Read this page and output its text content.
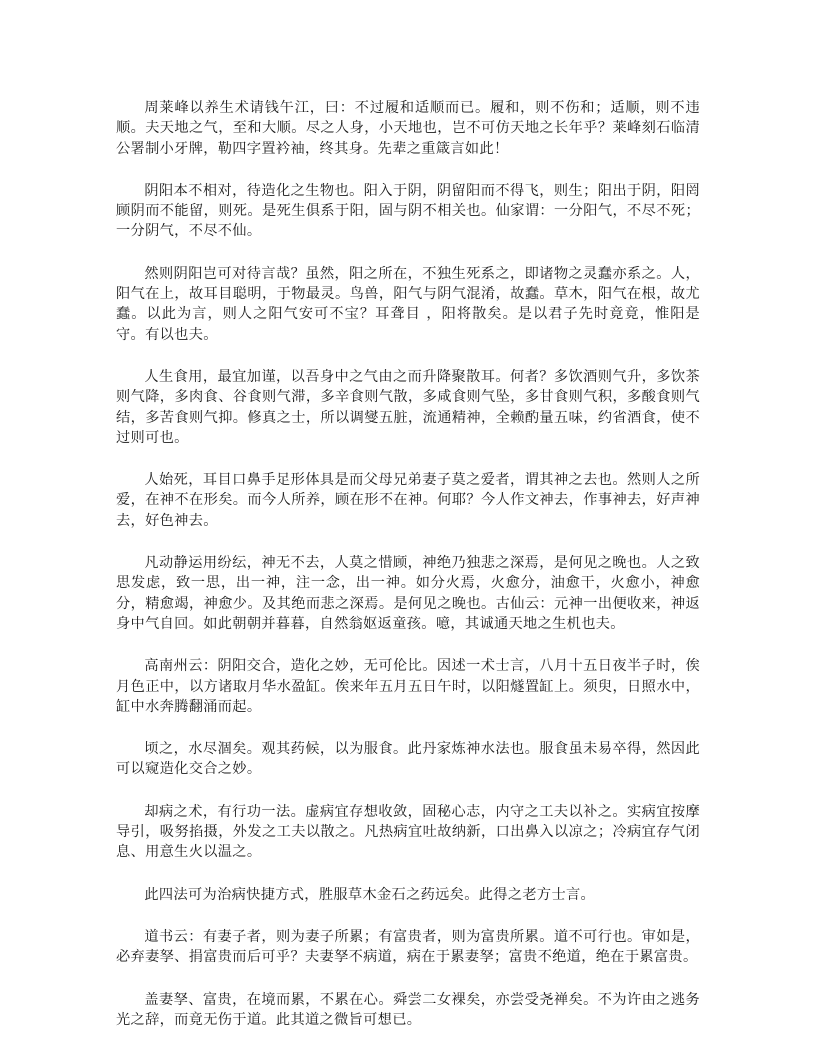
周莱峰以养生术请钱午江，曰：不过履和适顺而已。履和，则不伤和；适顺，则不违顺。夫天地之气，至和大顺。尽之人身，小天地也，岂不可仿天地之长年乎？莱峰刻石临清公署制小牙牌，勒四字置衿袖，终其身。先辈之重箴言如此！

阴阳本不相对，待造化之生物也。阳入于阴，阴留阳而不得飞，则生；阳出于阴，阳罔顾阴而不能留，则死。是死生俱系于阳，固与阴不相关也。仙家谓：一分阳气，不尽不死；一分阴气，不尽不仙。

然则阴阳岂可对待言哉？虽然，阳之所在，不独生死系之，即诸物之灵蠢亦系之。人，阳气在上，故耳目聪明，于物最灵。鸟兽，阳气与阴气混淆，故蠢。草木，阳气在根，故尤蠢。以此为言，则人之阳气安可不宝？耳聋目 ，阳将散矣。是以君子先时竟竟，惟阳是守。有以也夫。

人生食用，最宜加谨，以吾身中之气由之而升降聚散耳。何者？多饮酒则气升，多饮茶则气降，多肉食、谷食则气滞，多辛食则气散，多咸食则气坠，多甘食则气积，多酸食则气结，多苦食则气抑。修真之士，所以调燮五脏，流通精神，全赖酌量五味，约省酒食，使不过则可也。

人始死，耳目口鼻手足形体具是而父母兄弟妻子莫之爱者，谓其神之去也。然则人之所爱，在神不在形矣。而今人所养，顾在形不在神。何耶？今人作文神去，作事神去，好声神去，好色神去。

凡动静运用纷纭，神无不去，人莫之惜顾，神绝乃独悲之深焉，是何见之晚也。人之致思发虑，致一思，出一神，注一念，出一神。如分火焉，火愈分，油愈干，火愈小，神愈分，精愈竭，神愈少。及其绝而悲之深焉。是何见之晚也。古仙云：元神一出便收来，神返身中气自回。如此朝朝并暮暮，自然翁妪返童孩。噫，其诚通天地之生机也夫。

高南州云：阴阳交合，造化之妙，无可伦比。因述一术士言，八月十五日夜半子时，俟月色正中，以方诸取月华水盈缸。俟来年五月五日午时，以阳燧置缸上。须臾，日照水中，缸中水奔腾翻涌而起。

顷之，水尽涸矣。观其药候，以为服食。此丹家炼神水法也。服食虽未易卒得，然因此可以窥造化交合之妙。

却病之术，有行功一法。虚病宜存想收敛，固秘心志，内守之工夫以补之。实病宜按摩导引，吸努掐摄，外发之工夫以散之。凡热病宜吐故纳新，口出鼻入以凉之；冷病宜存气闭息、用意生火以温之。

此四法可为治病快捷方式，胜服草木金石之药远矣。此得之老方士言。

道书云：有妻子者，则为妻子所累；有富贵者，则为富贵所累。道不可行也。审如是，必弃妻孥、捐富贵而后可乎？夫妻孥不病道，病在于累妻孥；富贵不绝道，绝在于累富贵。

盖妻孥、富贵，在境而累，不累在心。舜尝二女裸矣，亦尝受尧禅矣。不为许由之逃务光之辞，而竟无伤于道。此其道之微旨可想已。
